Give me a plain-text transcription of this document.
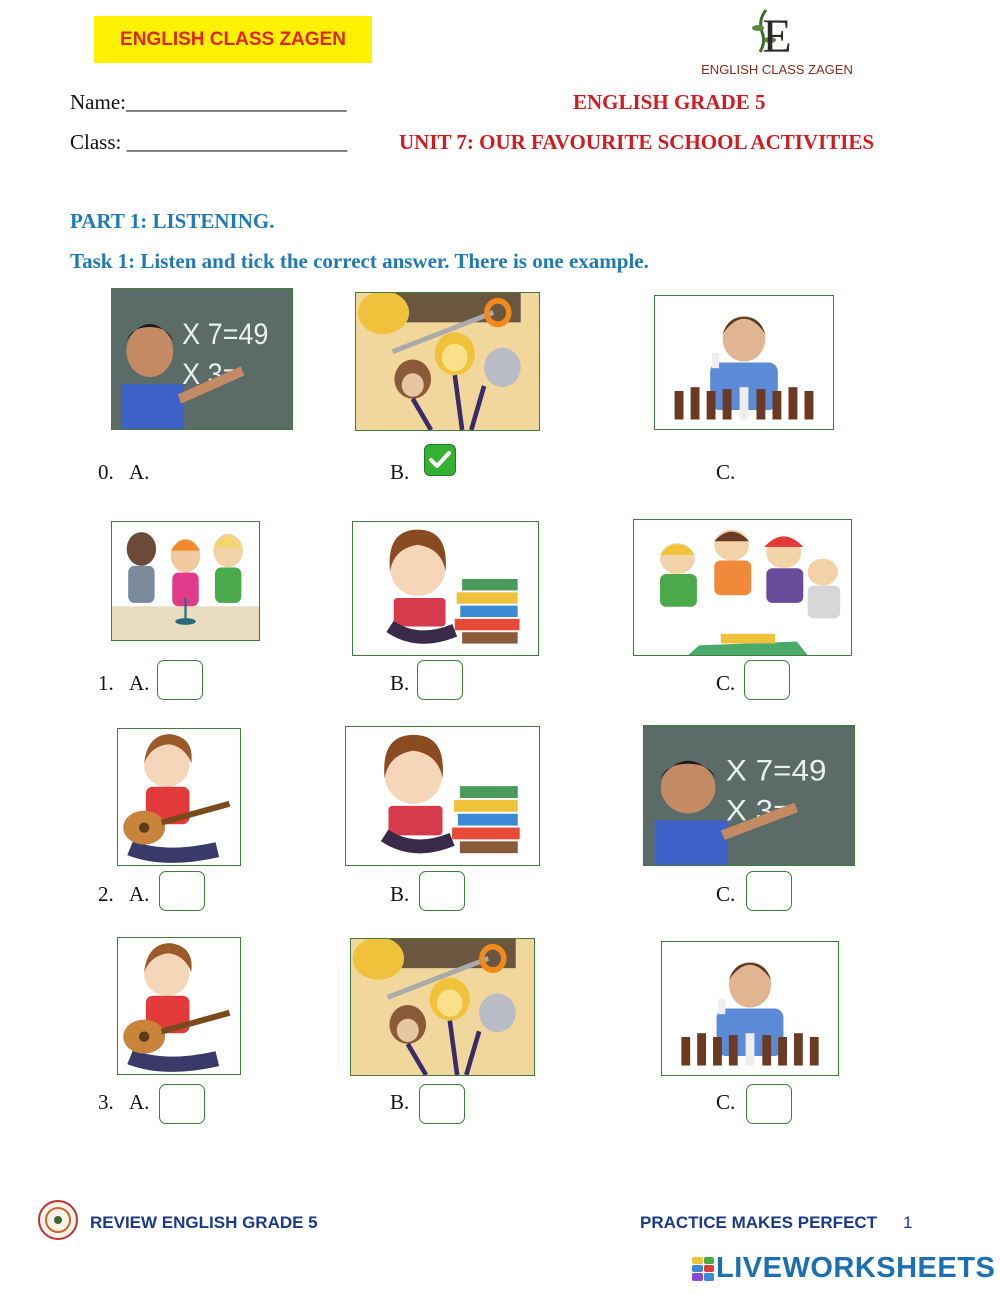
ENGLISH CLASS ZAGEN	E
ENGLISH CLASS ZAGEN
Name:_____________________
Class: _____________________
ENGLISH GRADE 5
UNIT 7: OUR FAVOURITE SCHOOL ACTIVITIES
PART 1: LISTENING.
Task 1: Listen and tick the correct answer. There is one example.
0. A.	B.	C.
1. A.	B.	C.
2. A.	B.	C.
3. A.	B.	C.
REVIEW ENGLISH GRADE 5	PRACTICE MAKES PERFECT 1
LIVEWORKSHEETS
